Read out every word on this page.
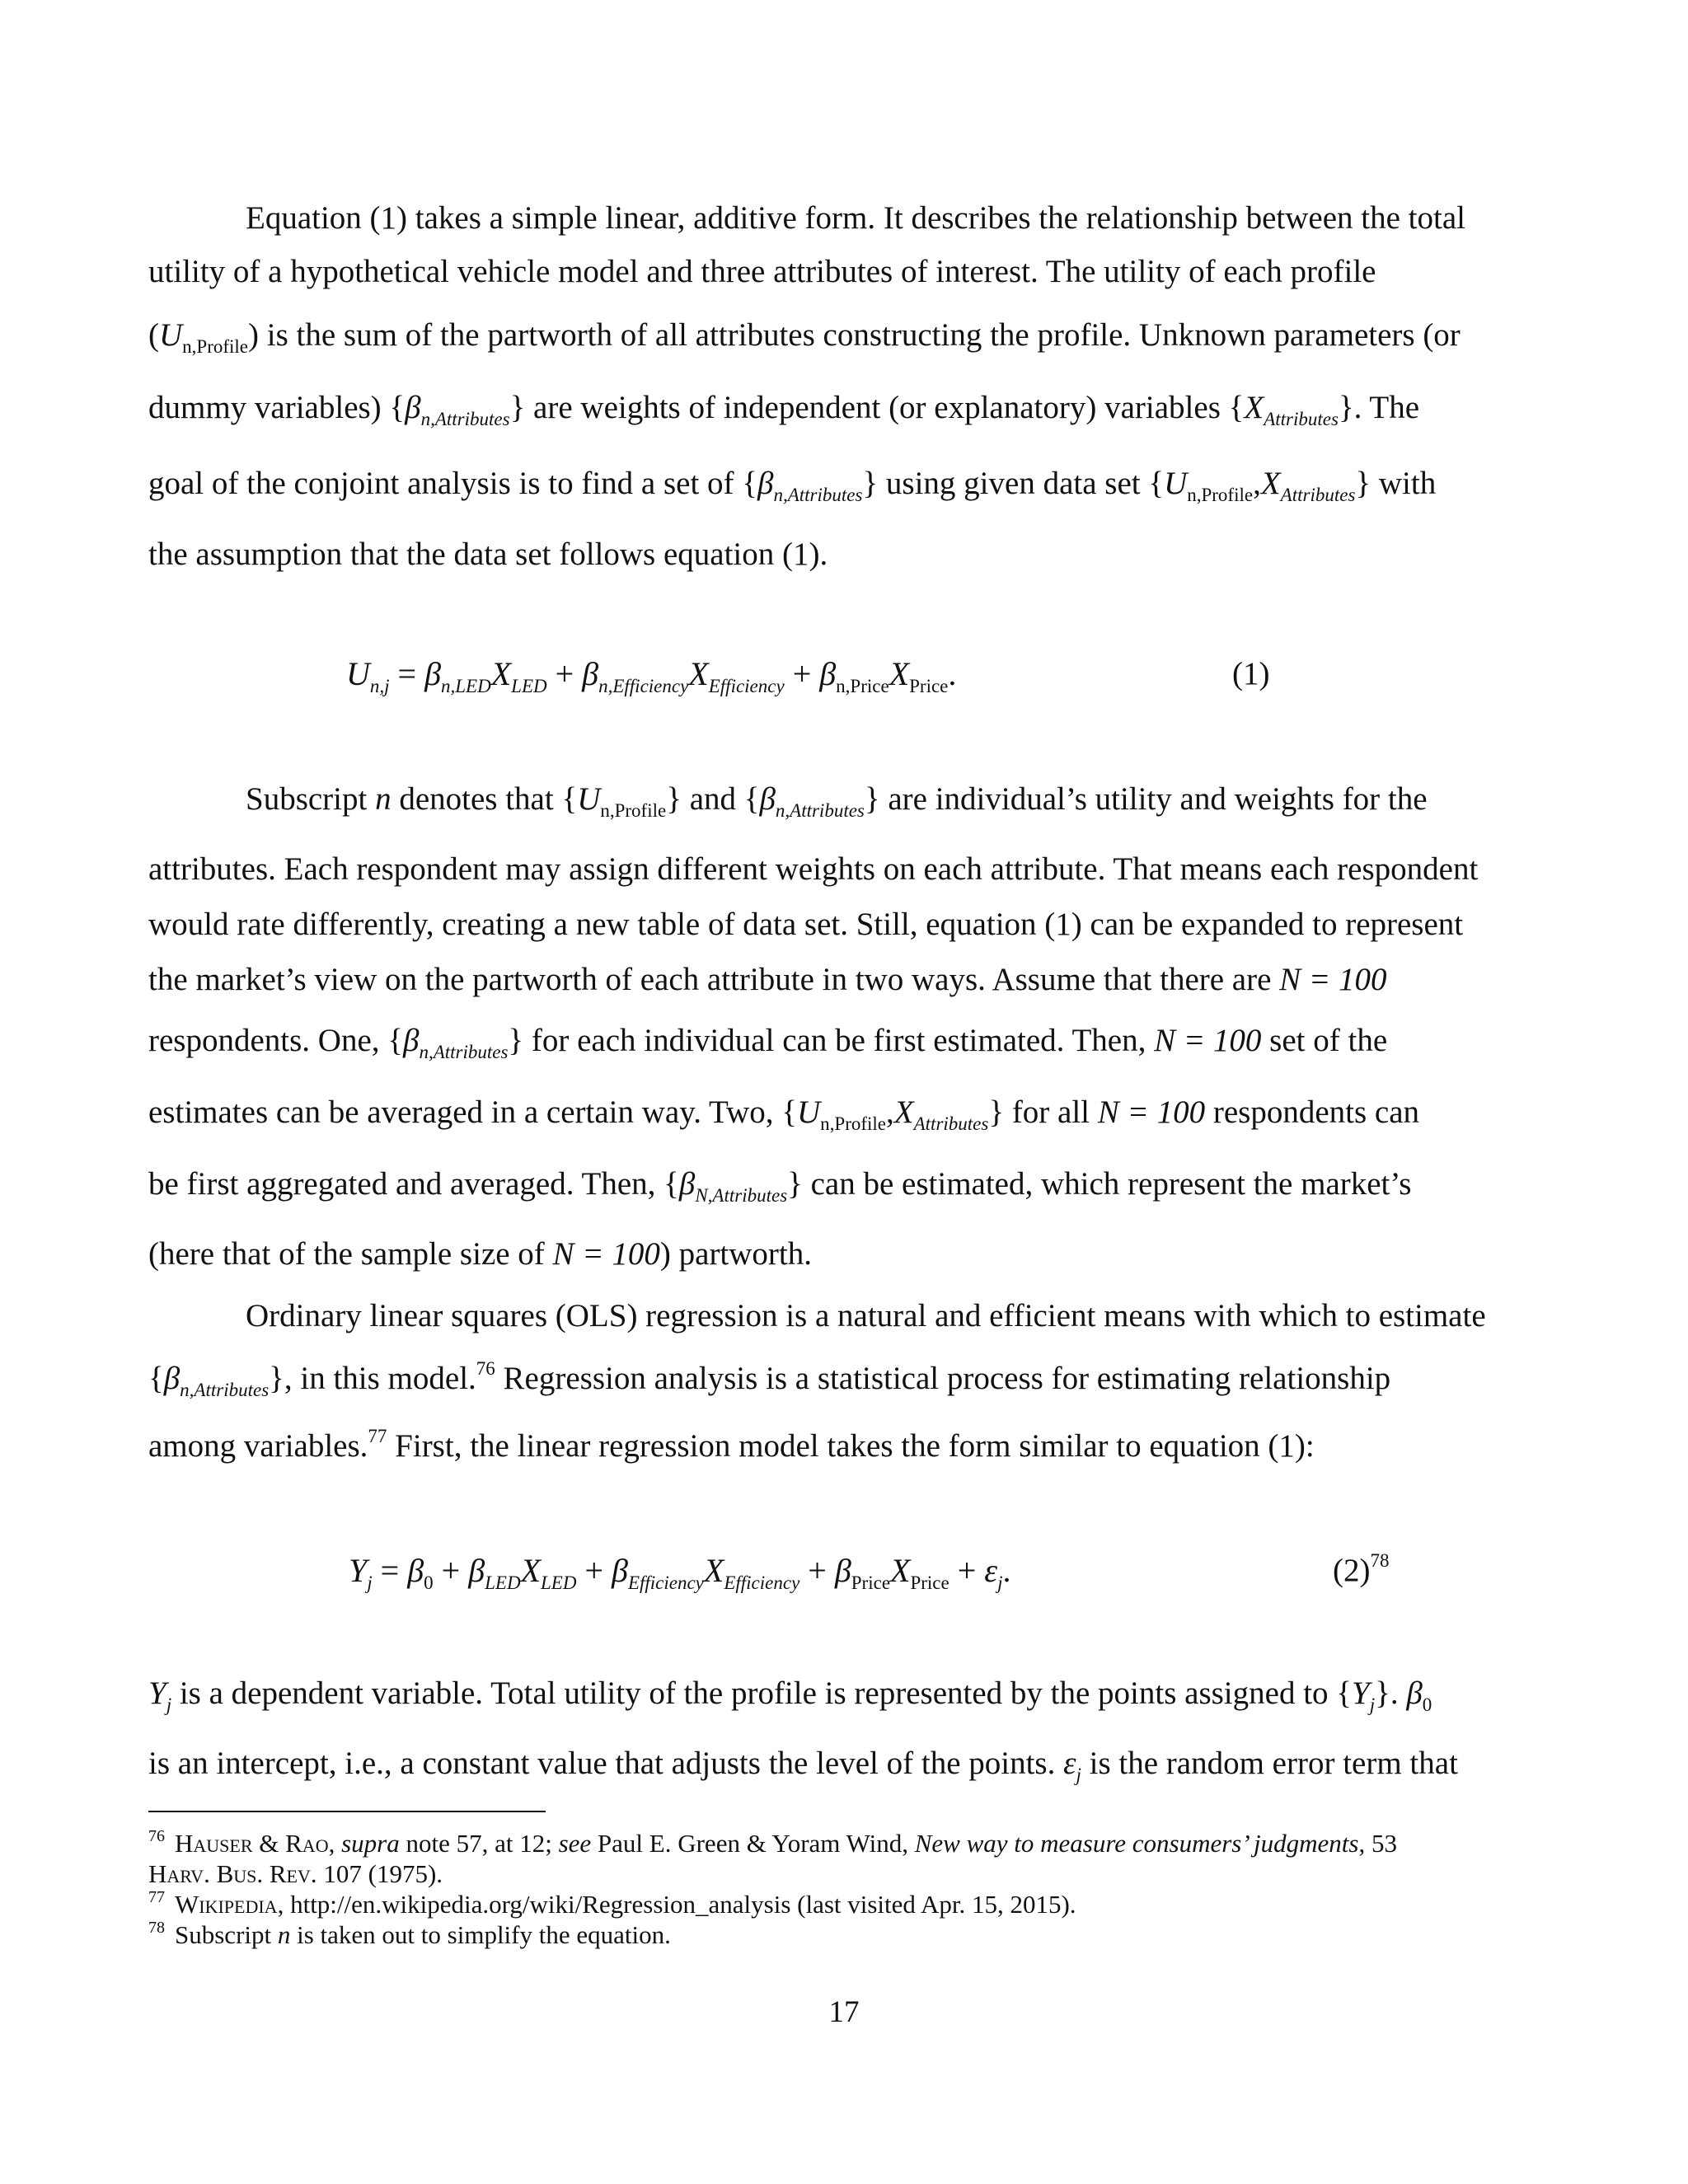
Equation (1) takes a simple linear, additive form. It describes the relationship between the total
utility of a hypothetical vehicle model and three attributes of interest. The utility of each profile
$(U_{n,Profile})$ is the sum of the partworth of all attributes constructing the profile. Unknown parameters (or
dummy variables) $\{\beta_{n,Attributes}\}$ are weights of independent (or explanatory) variables $\{X_{Attributes}\}$. The
goal of the conjoint analysis is to find a set of $\{\beta_{n,Attributes}\}$ using given data set $\{U_{n,Profile},X_{Attributes}\}$ with
the assumption that the data set follows equation (1).
$U_{n,j} = \beta_{n,LED}X_{LED} + \beta_{n,Efficiency}X_{Efficiency} + \beta_{n,Price}X_{Price}$.	(1)
Subscript n denotes that $\{U_{n,Profile}\}$ and $\{\beta_{n,Attributes}\}$ are individual’s utility and weights for the
attributes. Each respondent may assign different weights on each attribute. That means each respondent
would rate differently, creating a new table of data set. Still, equation (1) can be expanded to represent
the market’s view on the partworth of each attribute in two ways. Assume that there are N = 100
respondents. One, $\{\beta_{n,Attributes}\}$ for each individual can be first estimated. Then, N = 100 set of the
estimates can be averaged in a certain way. Two, $\{U_{n,Profile},X_{Attributes}\}$ for all N = 100 respondents can
be first aggregated and averaged. Then, $\{\beta_{N,Attributes}\}$ can be estimated, which represent the market’s
(here that of the sample size of N = 100) partworth.
Ordinary linear squares (OLS) regression is a natural and efficient means with which to estimate
$\{\beta_{n,Attributes}\}$, in this model.$^{76}$ Regression analysis is a statistical process for estimating relationship
among variables.$^{77}$ First, the linear regression model takes the form similar to equation (1):
$Y_j = \beta_0 + \beta_{LED}X_{LED} + \beta_{Efficiency}X_{Efficiency} + \beta_{Price}X_{Price} + \varepsilon_j$.	$(2)^{78}$
$Y_j$ is a dependent variable. Total utility of the profile is represented by the points assigned to $\{Y_j\}$. $\beta_0$
is an intercept, i.e., a constant value that adjusts the level of the points. $\varepsilon_j$ is the random error term that
$^{76}$ Hauser & Rao, supra note 57, at 12; see Paul E. Green & Yoram Wind, New way to measure consumers’ judgments, 53
Harv. Bus. Rev. 107 (1975).
$^{77}$ Wikipedia, http://en.wikipedia.org/wiki/Regression_analysis (last visited Apr. 15, 2015).
$^{78}$ Subscript n is taken out to simplify the equation.
17
